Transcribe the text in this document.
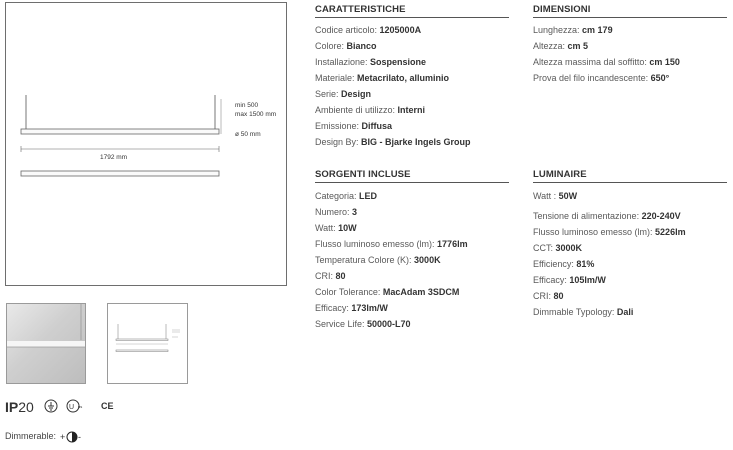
min 500
max 1500 mm
ø 50 mm
1792 mm
IP20	U us CE
Dimmerable: + -
CARATTERISTICHE
Codice articolo: 1205000A
Colore: Bianco
Installazione: Sospensione
Materiale: Metacrilato, alluminio
Serie: Design
Ambiente di utilizzo: Interni
Emissione: Diffusa
Design By: BIG - Bjarke Ingels Group
DIMENSIONI
Lunghezza: cm 179
Altezza: cm 5
Altezza massima dal soffitto: cm 150
Prova del filo incandescente: 650°
SORGENTI INCLUSE
Categoria: LED
Numero: 3
Watt: 10W
Flusso luminoso emesso (lm): 1776lm
Temperatura Colore (K): 3000K
CRI: 80
Color Tolerance: MacAdam 3SDCM
Efficacy: 173lm/W
Service Life: 50000-L70
LUMINAIRE
Watt : 50W
Tensione di alimentazione: 220-240V
Flusso luminoso emesso (lm): 5226lm
CCT: 3000K
Efficiency: 81%
Efficacy: 105lm/W
CRI: 80
Dimmable Typology: Dali
